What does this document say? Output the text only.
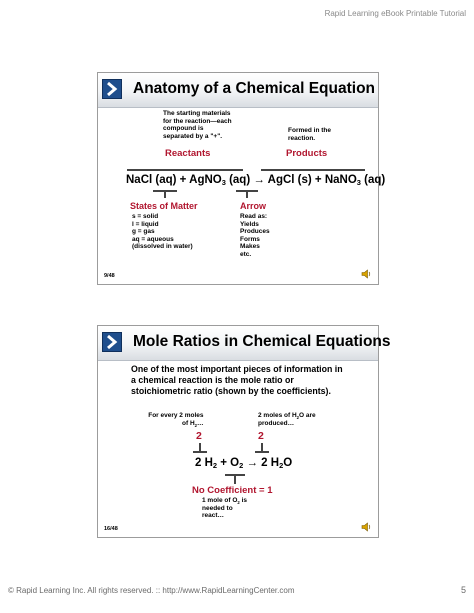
Rapid Learning eBook Printable Tutorial
Anatomy of a Chemical Equation
The starting materials
for the reaction—each
compound is
separated by a "+".
Formed in the
reaction.
Reactants	Products
NaCl (aq) + AgNO$_3$ (aq) → AgCl (s) + NaNO$_3$ (aq)
States of Matter
s = solid
l = liquid
g = gas
aq = aqueous
(dissolved in water)
Arrow
Read as:
Yields
Produces
Forms
Makes
etc.
9/48
Mole Ratios in Chemical Equations
One of the most important pieces of information in
a chemical reaction is the mole ratio or
stoichiometric ratio (shown by the coefficients).
For every 2 moles
of $H_2\dots$
2 moles of $H_2O$ are
produced…
2	2
2 $H_2 + O_2 \to 2$ $H_2O$
No Coefficient = 1
1 mole of $O_2$ is
needed to
react…
16/48
© Rapid Learning Inc. All rights reserved. :: http://www.RapidLearningCenter.com	5
